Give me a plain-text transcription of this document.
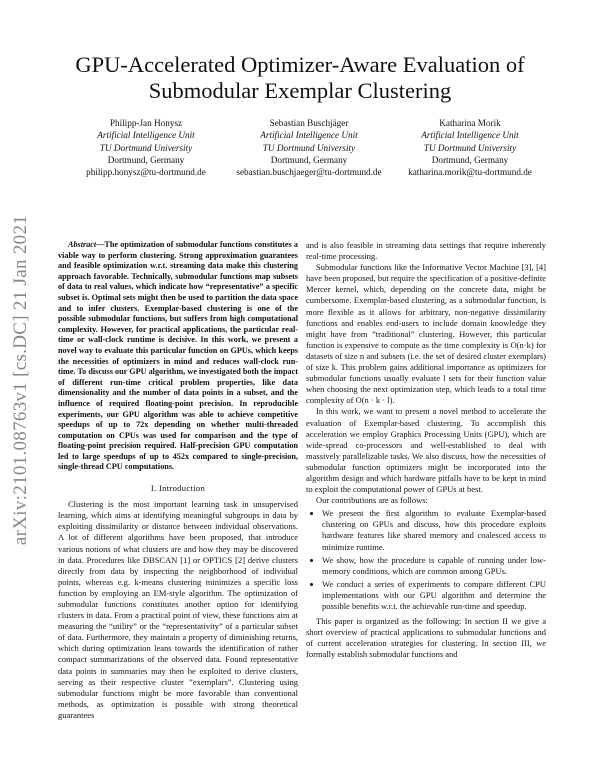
GPU-Accelerated Optimizer-Aware Evaluation of
Submodular Exemplar Clustering
Philipp-Jan Honysz
Artificial Intelligence Unit
TU Dortmund University
Dortmund, Germany
philipp.honysz@tu-dortmund.de
Sebastian Buschjäger
Artificial Intelligence Unit
TU Dortmund University
Dortmund, Germany
sebastian.buschjaeger@tu-dortmund.de
Katharina Morik
Artificial Intelligence Unit
TU Dortmund University
Dortmund, Germany
katharina.morik@tu-dortmund.de
arXiv:2101.08763v1 [cs.DC] 21 Jan 2021	Abstract—The optimization of submodular functions constitutes a viable way to perform clustering. Strong approximation guarantees and feasible optimization w.r.t. streaming data make this clustering approach favorable. Technically, submodular functions map subsets of data to real values, which indicate how “representative” a specific subset is. Optimal sets might then be used to partition the data space and to infer clusters. Exemplar-based clustering is one of the possible submodular functions, but suffers from high computational complexity. However, for practical applications, the particular real-time or wall-clock runtime is decisive. In this work, we present a novel way to evaluate this particular function on GPUs, which keeps the necessities of optimizers in mind and reduces wall-clock run-time. To discuss our GPU algorithm, we investigated both the impact of different run-time critical problem properties, like data dimensionality and the number of data points in a subset, and the influence of required floating-point precision. In reproducible experiments, our GPU algorithm was able to achieve competitive speedups of up to 72x depending on whether multi-threaded computation on CPUs was used for comparison and the type of floating-point precision required. Half-precision GPU computation led to large speedups of up to 452x compared to single-precision, single-thread CPU computations.

I. Introduction

Clustering is the most important learning task in unsupervised learning, which aims at identifying meaningful subgroups in data by exploiting dissimilarity or distance between individual observations. A lot of different algorithms have been proposed, that introduce various notions of what clusters are and how they may be discovered in data. Procedures like DBSCAN [1] or OPTICS [2] derive clusters directly from data by inspecting the neighborhood of individual points, whereas e.g. k-means clustering minimizes a specific loss function by employing an EM-style algorithm. The optimization of submodular functions constitutes another option for identifying clusters in data. From a practical point of view, these functions aim at measuring the “utility” or the “representativity” of a particular subset of data. Furthermore, they maintain a property of diminishing returns, which during optimization leans towards the identification of rather compact summarizations of the observed data. Found representative data points in summaries may then be exploited to derive clusters, serving as their respective cluster ”exemplars”. Clustering using submodular functions might be more favorable than conventional methods, as optimization is possible with strong theoretical guarantees

and is also feasible in streaming data settings that require inherently real-time processing.

Submodular functions like the Informative Vector Machine [3], [4] have been proposed, but require the specification of a positive-definite Mercer kernel, which, depending on the concrete data, might be cumbersome. Exemplar-based clustering, as a submodular function, is more flexible as it allows for arbitrary, non-negative dissimilarity functions and enables end-users to include domain knowledge they might have from ”traditional” clustering. However, this particular function is expensive to compute as the time complexity is O(n·k) for datasets of size n and subsets (i.e. the set of desired cluster exemplars) of size k. This problem gains additional importance as optimizers for submodular functions usually evaluate l sets for their function value when choosing the next optimization step, which leads to a total time complexity of O(n · k · l).

In this work, we want to present a novel method to accelerate the evaluation of Exemplar-based clustering. To accomplish this acceleration we employ Graphics Processing Units (GPU), which are wide-spread co-processors and well-established to deal with massively parallelizable tasks. We also discuss, how the necessities of submodular function optimizers might be incorporated into the algorithm design and which hardware pitfalls have to be kept in mind to exploit the computational power of GPUs at best.

Our contributions are as follows:

• We present the first algorithm to evaluate Exemplar-based clustering on GPUs and discuss, how this procedure exploits hardware features like shared memory and coalesced access to minimize runtime.
• We show, how the procedure is capable of running under low-memory conditions, which are common among GPUs.
• We conduct a series of experiments to compare different CPU implementations with our GPU algorithm and determine the possible benefits w.r.t. the achievable run-time and speedup.

This paper is organized as the following: In section II we give a short overview of practical applications to submodular functions and of current acceleration strategies for clustering. In section III, we formally establish submodular functions and
